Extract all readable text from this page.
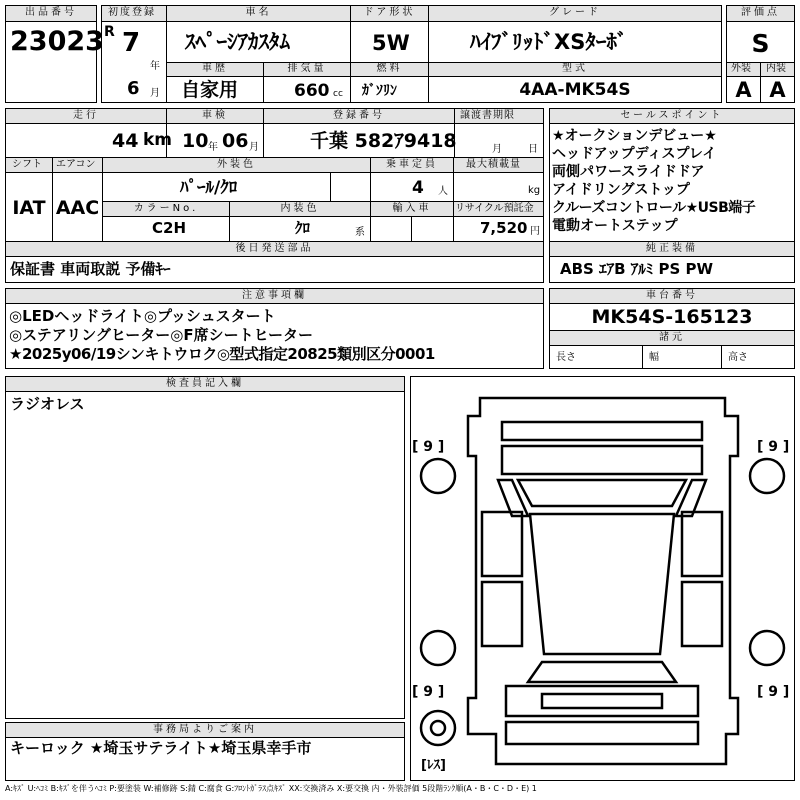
出品番号
23023
初度登録
R 7
年
6 月
車名
ｽﾍﾟｰｼｱｶｽﾀﾑ
ドア形状
5W
グレード
ﾊｲﾌﾞﾘｯﾄﾞXSﾀｰﾎﾞ
評価点
S
車歴
自家用
排気量
660 cc
燃料
ｶﾞｿﾘﾝ
型式
4AA-MK54S
外装
A
内装
A
走行
44 km
車検
10 年 06 月
登録番号
千葉 582ｱ9418
譲渡書期限
月	日
シフト
IAT
エアコン
AAC
外装色
ﾊﾟｰﾙ/ｸﾛ
乗車定員
4 人
最大積載量
kg
カラーNo.
C2H
内装色
ｸﾛ	系
輸入車	リサイクル預託金
7,520 円
セールスポイント
★オークションデビュー★
ヘッドアップディスプレイ
両側パワースライドドア
アイドリングストップ
クルーズコントロール★USB端子
電動オートステップ
後日発送部品
保証書 車両取説 予備ｷｰ
純正装備
ABS ｴｱB ｱﾙﾐ PS PW
注意事項欄
◎LEDヘッドライト◎プッシュスタート
◎ステアリングヒーター◎F席シートヒーター
★2025y06/19シンキトウロク◎型式指定20825類別区分0001
車台番号
MK54S-165123
諸元
長さ	幅	高さ
検査員記入欄
ラジオレス
[ 9 ]	[ 9 ]
[ 9 ]	[ 9 ]
[ﾚｽ]
事務局よりご案内
キーロック ★埼玉サテライト★埼玉県幸手市
A:ｷｽﾞ U:ﾍｺﾐ B:ｷｽﾞを伴うﾍｺﾐ P:要塗装 W:補修跡 S:錆 C:腐食 G:ﾌﾛﾝﾄｶﾞﾗｽ点ｷｽﾞ XX:交換済み X:要交換 内・外装評価 5段階ﾗﾝｸ順(A・B・C・D・E) 1
